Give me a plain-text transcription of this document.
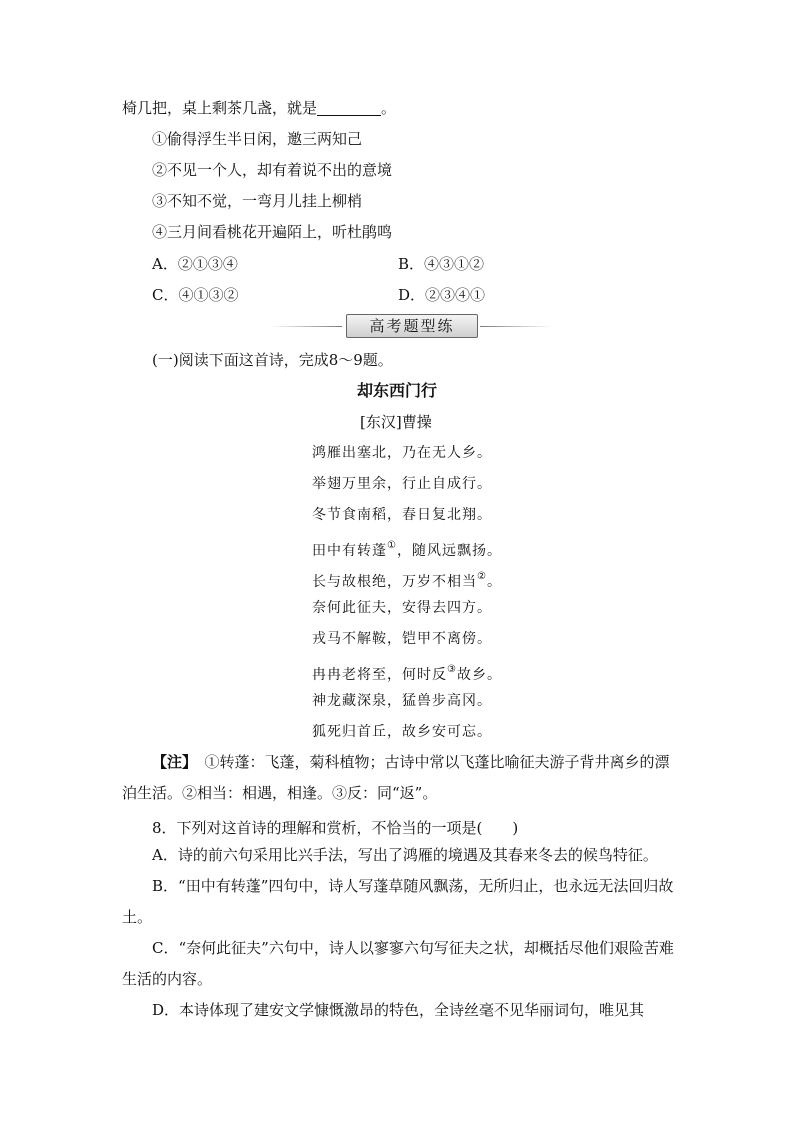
椅几把，桌上剩茶几盏，就是	。
①偷得浮生半日闲，邀三两知己
②不见一个人，却有着说不出的意境
③不知不觉，一弯月儿挂上柳梢
④三月间看桃花开遍陌上，听杜鹃鸣
A．②①③④	B．④③①②
C．④①③②	D．②③④①
高考题型练
(一)阅读下面这首诗，完成8～9题。
却东西门行
[东汉]曹操
鸿雁出塞北，乃在无人乡。
举翅万里余，行止自成行。
冬节食南稻，春日复北翔。
田中有转蓬①，随风远飘扬。
长与故根绝，万岁不相当②。
奈何此征夫，安得去四方。
戎马不解鞍，铠甲不离傍。
冉冉老将至，何时反③故乡。
神龙藏深泉，猛兽步高冈。
狐死归首丘，故乡安可忘。
【注】　 ①转蓬：飞蓬，菊科植物；古诗中常以飞蓬比喻征夫游子背井离乡的漂泊生活。②相当：相遇，相逢。③反：同“返”。
8．下列对这首诗的理解和赏析，不恰当的一项是(　　)
A．诗的前六句采用比兴手法，写出了鸿雁的境遇及其春来冬去的候鸟特征。
B．“田中有转蓬”四句中，诗人写蓬草随风飘荡，无所归止，也永远无法回归故土。
C．“奈何此征夫”六句中，诗人以寥寥六句写征夫之状，却概括尽他们艰险苦难生活的内容。
D．本诗体现了建安文学慷慨激昂的特色，全诗丝毫不见华丽词句，唯见其
